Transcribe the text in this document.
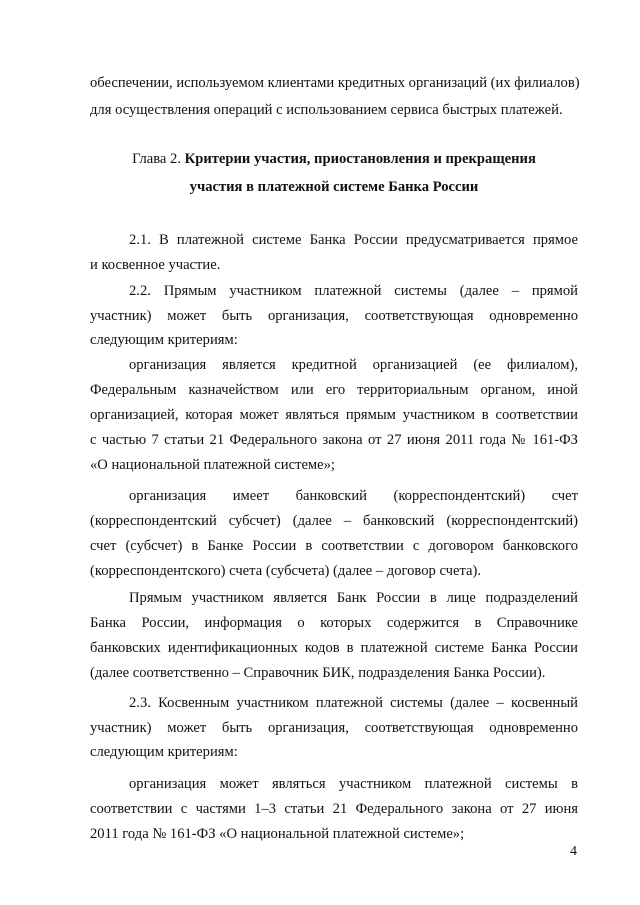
обеспечении, используемом клиентами кредитных организаций (их филиалов)
для осуществления операций с использованием сервиса быстрых платежей.
Глава 2. Критерии участия, приостановления и прекращения
участия в платежной системе Банка России
2.1. В платежной системе Банка России предусматривается прямое
и косвенное участие.
2.2. Прямым участником платежной системы (далее – прямой
участник) может быть организация, соответствующая одновременно
следующим критериям:
организация является кредитной организацией (ее филиалом),
Федеральным казначейством или его территориальным органом, иной
организацией, которая может являться прямым участником в соответствии
с частью 7 статьи 21 Федерального закона от 27 июня 2011 года № 161-ФЗ
«О национальной платежной системе»;
организация имеет банковский (корреспондентский) счет
(корреспондентский субсчет) (далее – банковский (корреспондентский)
счет (субсчет) в Банке России в соответствии с договором банковского
(корреспондентского) счета (субсчета) (далее – договор счета).
Прямым участником является Банк России в лице подразделений
Банка России, информация о которых содержится в Справочнике
банковских идентификационных кодов в платежной системе Банка России
(далее соответственно – Справочник БИК, подразделения Банка России).
2.3. Косвенным участником платежной системы (далее – косвенный
участник) может быть организация, соответствующая одновременно
следующим критериям:
организация может являться участником платежной системы в
соответствии с частями 1–3 статьи 21 Федерального закона от 27 июня
2011 года № 161-ФЗ «О национальной платежной системе»;
4
